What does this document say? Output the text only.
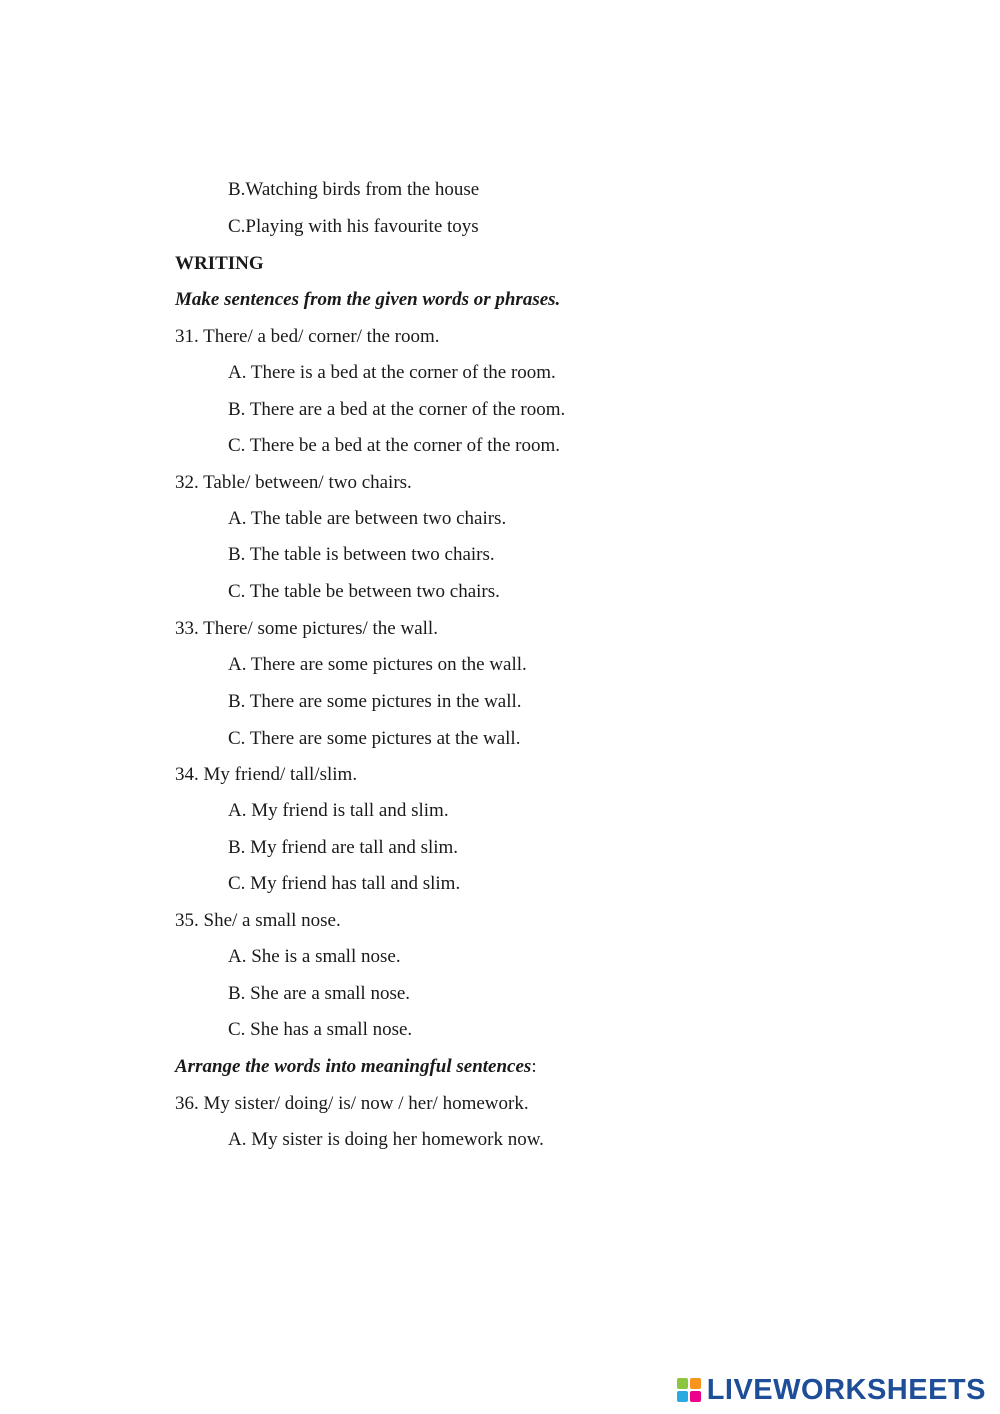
B.Watching birds from the house
C.Playing with his favourite toys
WRITING
Make sentences from the given words or phrases.
31. There/ a bed/ corner/ the room.
A. There is a bed at the corner of the room.
B. There are a bed at the corner of the room.
C. There be a bed at the corner of the room.
32. Table/ between/ two chairs.
A. The table are between two chairs.
B. The table is between two chairs.
C. The table be between two chairs.
33. There/ some pictures/ the wall.
A. There are some pictures on the wall.
B. There are some pictures in the wall.
C. There are some pictures at the wall.
34. My friend/ tall/slim.
A. My friend is tall and slim.
B. My friend are tall and slim.
C. My friend has tall and slim.
35. She/ a small nose.
A. She is a small nose.
B. She are a small nose.
C. She has a small nose.
Arrange the words into meaningful sentences:
36. My sister/ doing/ is/ now / her/ homework.
A. My sister is doing her homework now.
LIVEWORKSHEETS
